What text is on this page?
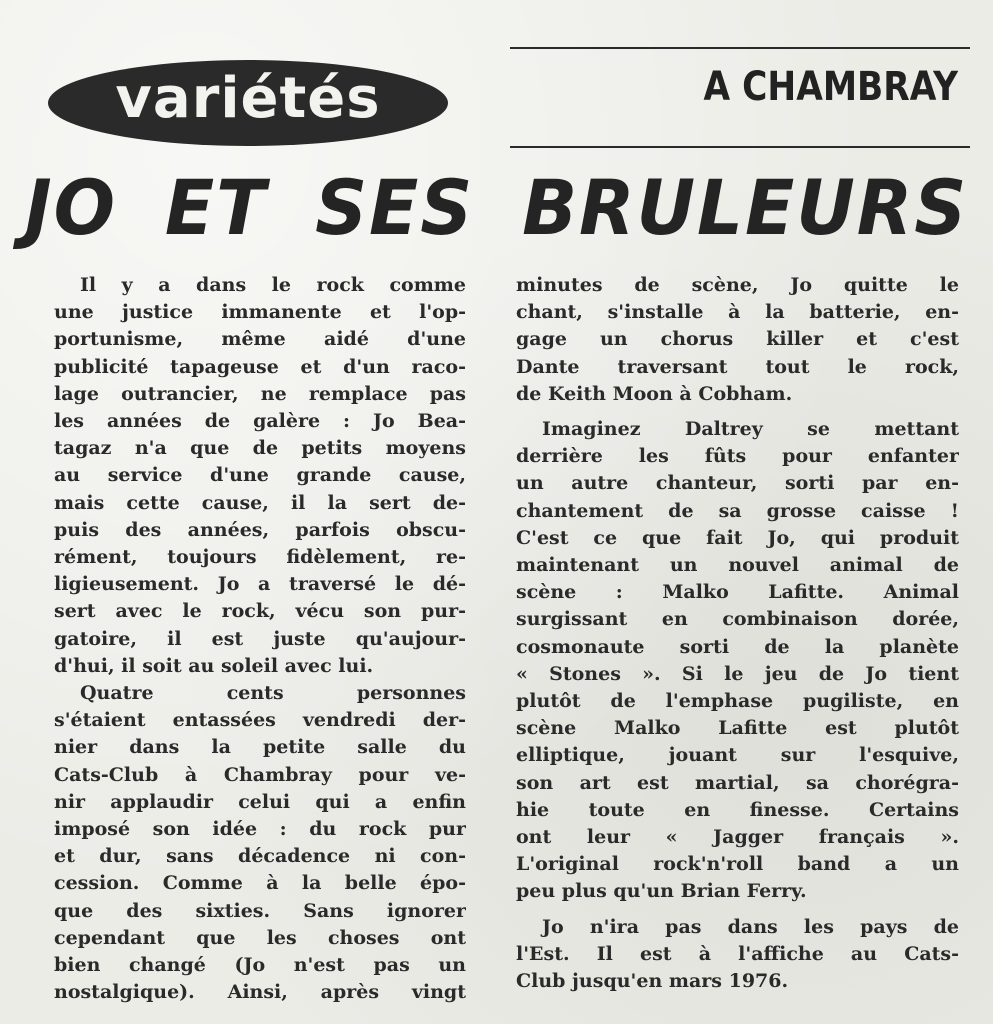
variétés	A CHAMBRAY
JO ET SES BRULEURS

Il y a dans le rock comme
une justice immanente et l'op-
portunisme, même aidé d'une
publicité tapageuse et d'un raco-
lage outrancier, ne remplace pas
les années de galère : Jo Bea-
tagaz n'a que de petits moyens
au service d'une grande cause,
mais cette cause, il la sert de-
puis des années, parfois obscu-
rément, toujours fidèlement, re-
ligieusement. Jo a traversé le dé-
sert avec le rock, vécu son pur-
gatoire, il est juste qu'aujour-
d'hui, il soit au soleil avec lui.

Quatre cents personnes
s'étaient entassées vendredi der-
nier dans la petite salle du
Cats-Club à Chambray pour ve-
nir applaudir celui qui a enfin
imposé son idée : du rock pur
et dur, sans décadence ni con-
cession. Comme à la belle épo-
que des sixties. Sans ignorer
cependant que les choses ont
bien changé (Jo n'est pas un
nostalgique). Ainsi, après vingt

minutes de scène, Jo quitte le
chant, s'installe à la batterie, en-
gage un chorus killer et c'est
Dante traversant tout le rock,
de Keith Moon à Cobham.

Imaginez Daltrey se mettant
derrière les fûts pour enfanter
un autre chanteur, sorti par en-
chantement de sa grosse caisse !
C'est ce que fait Jo, qui produit
maintenant un nouvel animal de
scène : Malko Lafitte. Animal
surgissant en combinaison dorée,
cosmonaute sorti de la planète
« Stones ». Si le jeu de Jo tient
plutôt de l'emphase pugiliste, en
scène Malko Lafitte est plutôt
elliptique, jouant sur l'esquive,
son art est martial, sa chorégra-
hie toute en finesse. Certains
ont leur « Jagger français ».
L'original rock'n'roll band a un
peu plus qu'un Brian Ferry.

Jo n'ira pas dans les pays de
l'Est. Il est à l'affiche au Cats-
Club jusqu'en mars 1976.
